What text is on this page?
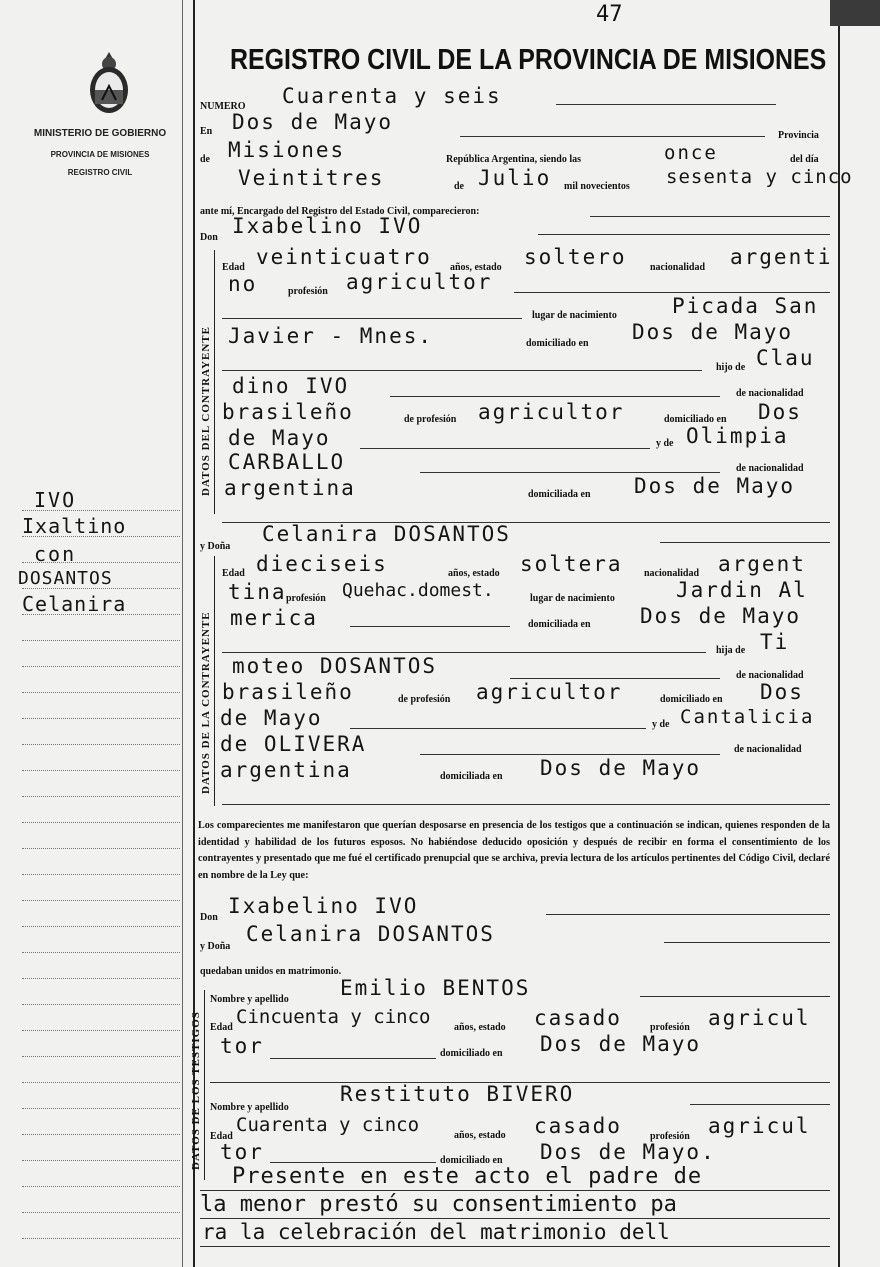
47
MINISTERIO DE GOBIERNO
PROVINCIA DE MISIONES
REGISTRO CIVIL
REGISTRO CIVIL DE LA PROVINCIA DE MISIONES
NUMERO Cuarenta y seis
En Dos de Mayo
Provincia
de Misiones	República Argentina, siendo las	once	del día
Veintitres	de Julio mil novecientos sesenta y cinco
ante mí, Encargado del Registro del Estado Civil, comparecieron:
Don Ixabelino IVO
DATOS DEL CONTRAYENTE
Edad veinticuatro años, estado soltero nacionalidad argenti
no	profesión agricultor
lugar de nacimiento	Picada San
Javier - Mnes.	domiciliado en Dos de Mayo
hijo de Clau
dino IVO	de nacionalidad
brasileño	de profesión agricultor	domiciliado en Dos
de Mayo	y de Olimpia
CARBALLO	de nacionalidad
argentina	domiciliada en Dos de Mayo
y Doña
Celanira DOSANTOS
DATOS DE LA CONTRAYENTE
Edad dieciseis	años, estado soltera nacionalidad argent
tina profesión Quehac.domest.	lugar de nacimiento	Jardin Al
merica	domiciliada en Dos de Mayo
hija de Ti
moteo DOSANTOS	de nacionalidad
brasileño	de profesión agricultor	domiciliado en Dos
de Mayo	y de Cantalicia
de OLIVERA	de nacionalidad
argentina	domiciliada en Dos de Mayo
Los comparecientes me manifestaron que querían desposarse en presencia de los testigos que a continuación se indican, quienes responden de la identidad y habilidad de los futuros esposos. No habiéndose deducido oposición y después de recibir en forma el consentimiento de los contrayentes y presentado que me fué el certificado prenupcial que se archiva, previa lectura de los artículos pertinentes del Código Civil, declaré en nombre de la Ley que:
Don Ixabelino IVO
y Doña
Celanira DOSANTOS
quedaban unidos en matrimonio.
DATOS DE LOS TESTIGOS
Nombre y apellido Emilio BENTOS
Edad Cincuenta y cinco años, estado casado	profesión agricul
tor	domiciliado en Dos de Mayo
Nombre y apellido
Restituto BIVERO
Edad
Cuarenta y cinco	años, estado casado	profesión agricul
tor	domiciliado en Dos de Mayo.
Presente en este acto el padre de
la menor prestó su consentimiento pa
ra la celebración del matrimonio dell
IVO
Ixaltino
con
DOSANTOS
Celanira
